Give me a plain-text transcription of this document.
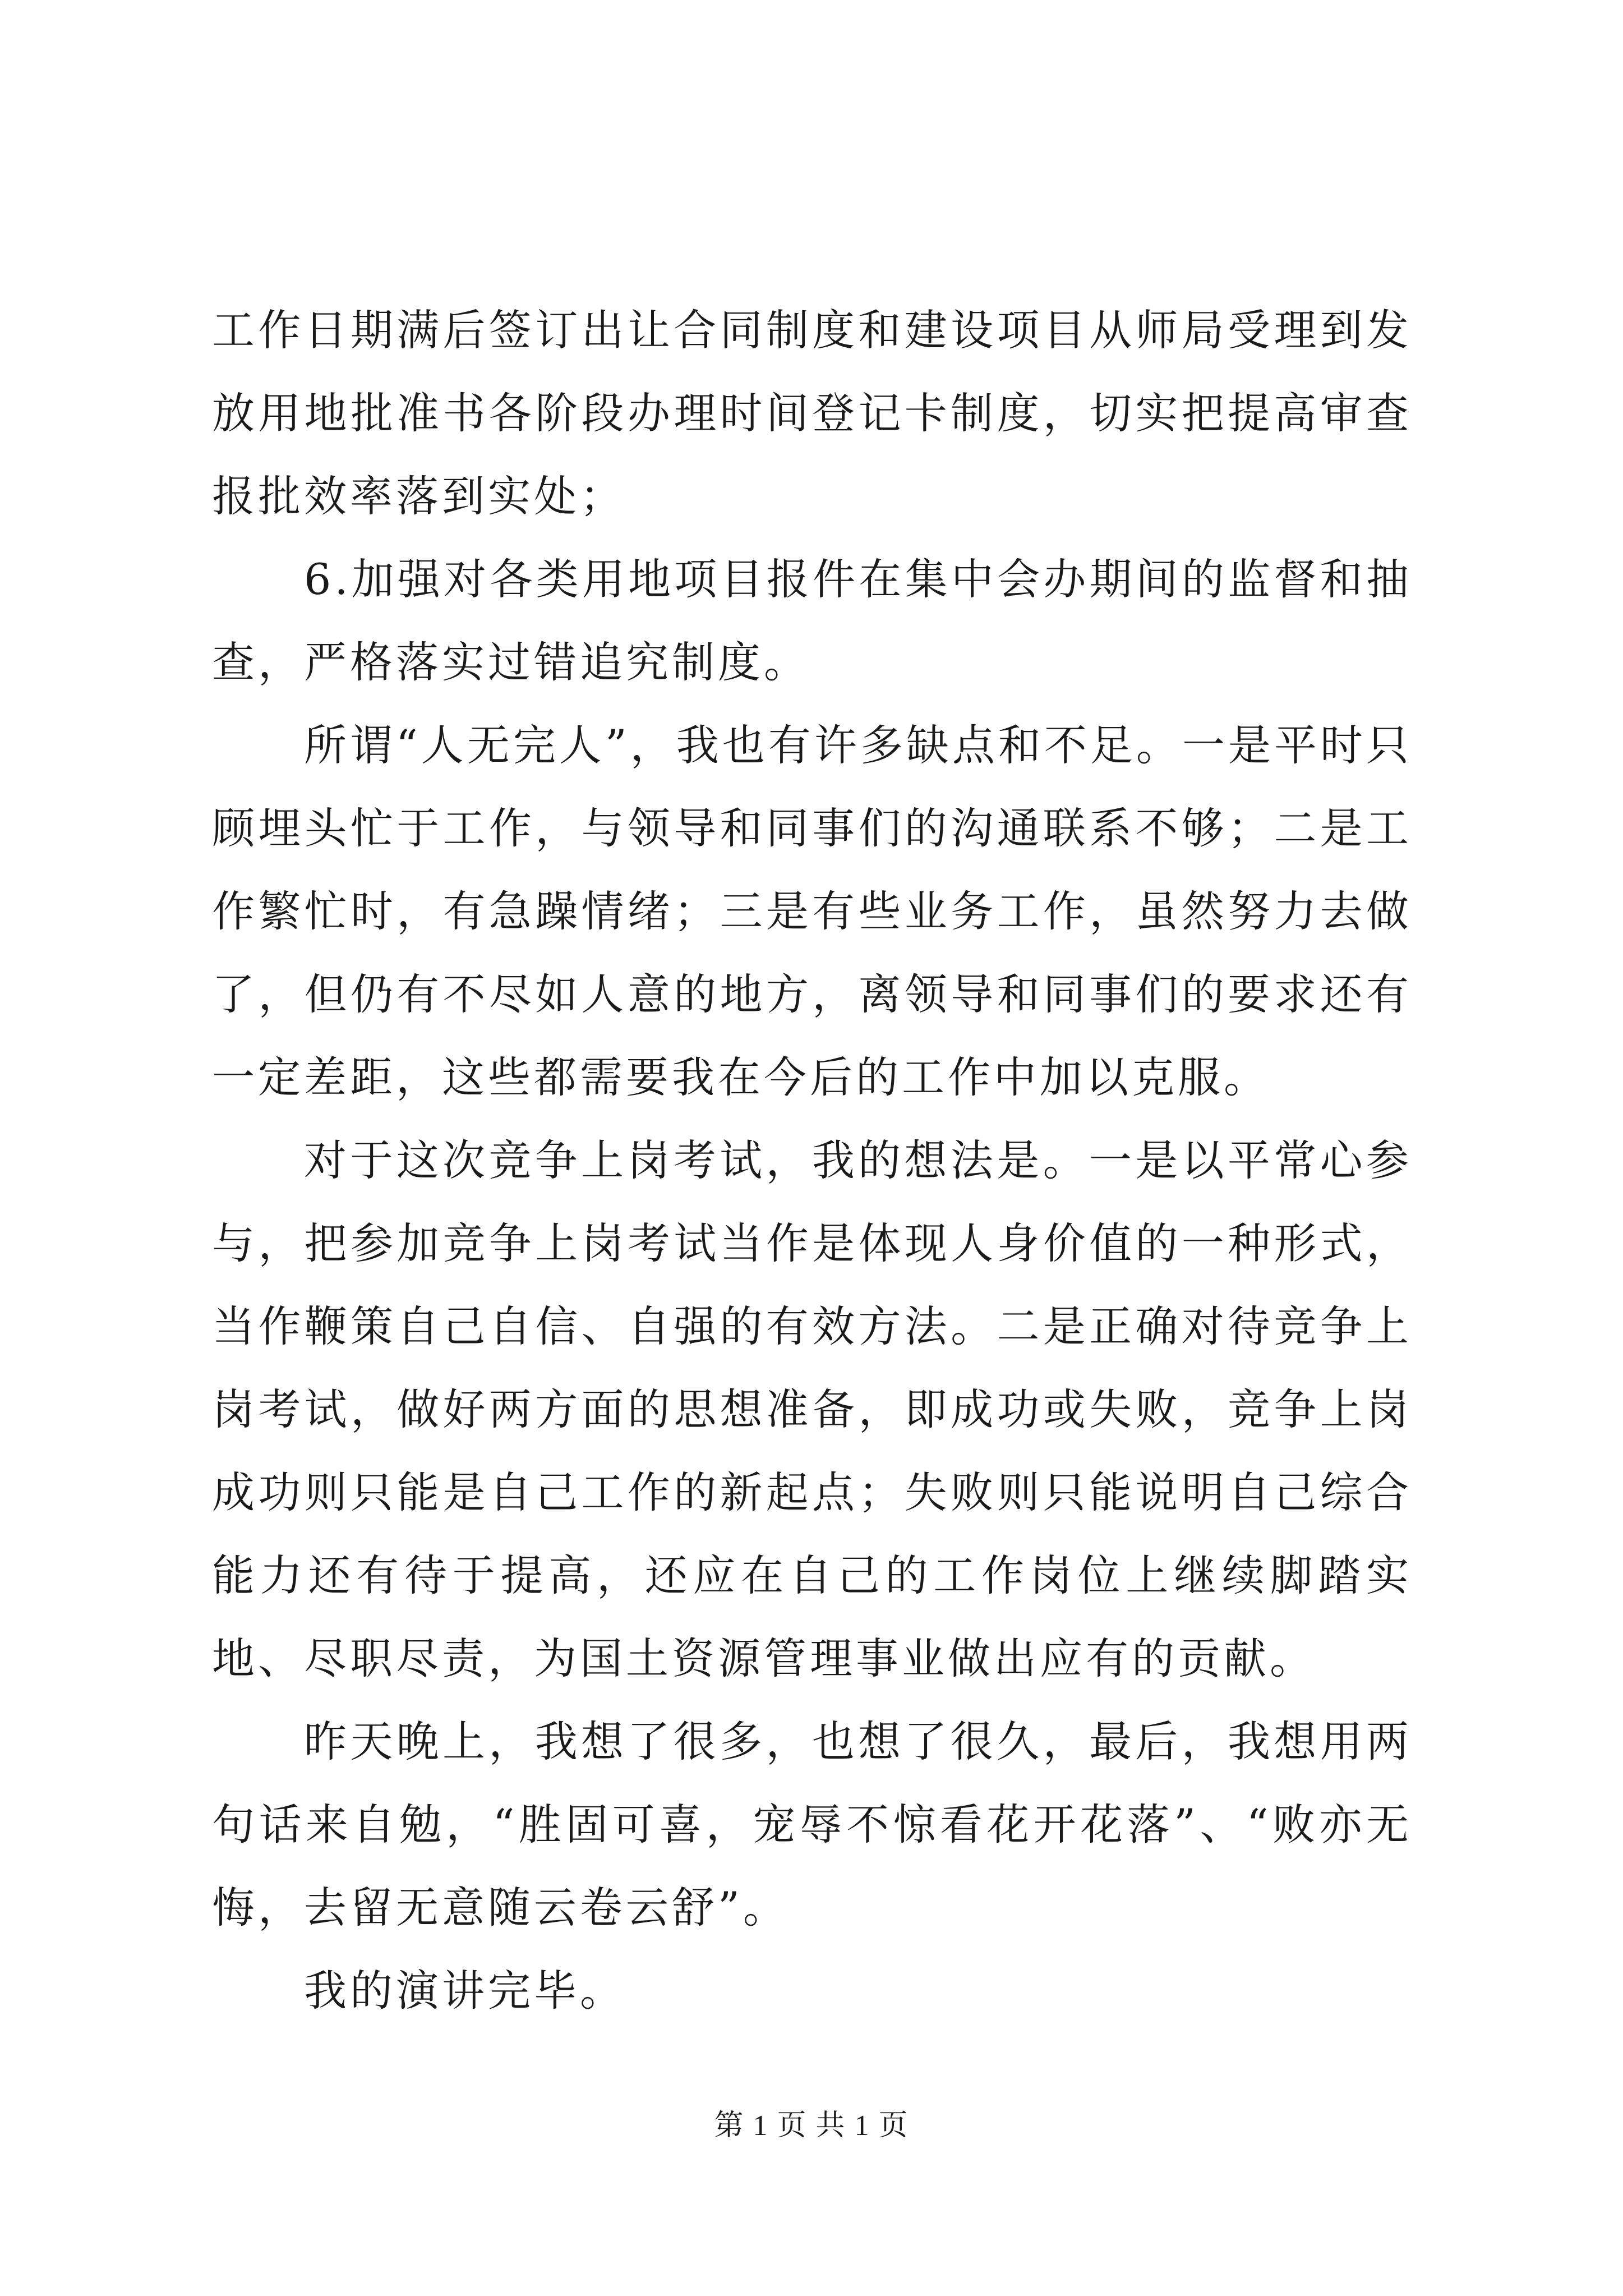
工作日期满后签订出让合同制度和建设项目从师局受理到发放用地批准书各阶段办理时间登记卡制度，切实把提高审查报批效率落到实处；

6.加强对各类用地项目报件在集中会办期间的监督和抽查，严格落实过错追究制度。

所谓“人无完人”，我也有许多缺点和不足。一是平时只顾埋头忙于工作，与领导和同事们的沟通联系不够；二是工作繁忙时，有急躁情绪；三是有些业务工作，虽然努力去做了，但仍有不尽如人意的地方，离领导和同事们的要求还有一定差距，这些都需要我在今后的工作中加以克服。

对于这次竞争上岗考试，我的想法是。一是以平常心参与，把参加竞争上岗考试当作是体现人身价值的一种形式，当作鞭策自己自信、自强的有效方法。二是正确对待竞争上岗考试，做好两方面的思想准备，即成功或失败，竞争上岗成功则只能是自己工作的新起点；失败则只能说明自己综合能力还有待于提高，还应在自己的工作岗位上继续脚踏实地、尽职尽责，为国土资源管理事业做出应有的贡献。

昨天晚上，我想了很多，也想了很久，最后，我想用两句话来自勉，“胜固可喜，宠辱不惊看花开花落”、“败亦无悔，去留无意随云卷云舒”。

我的演讲完毕。

第 1 页 共 1 页
